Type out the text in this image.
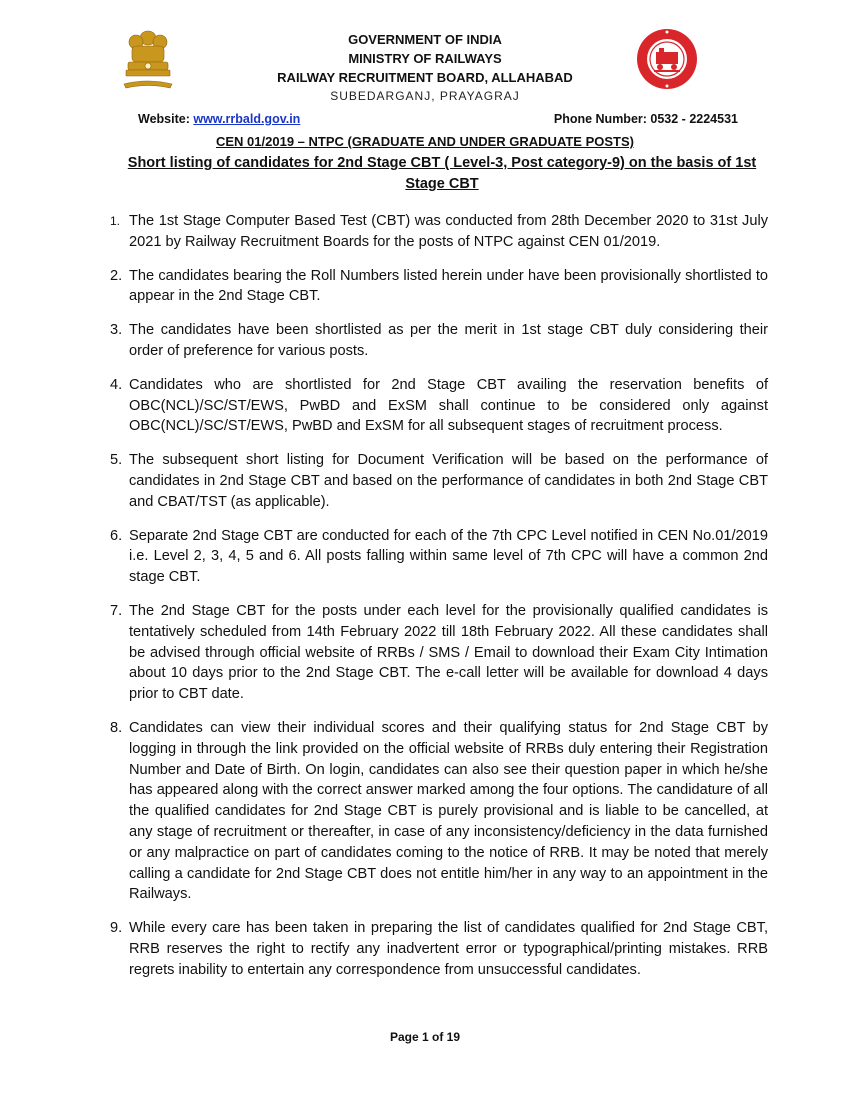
GOVERNMENT OF INDIA
MINISTRY OF RAILWAYS
RAILWAY RECRUITMENT BOARD, ALLAHABAD
SUBEDARGANJ, PRAYAGRAJ
Website: www.rrbald.gov.in	Phone Number: 0532 - 2224531
CEN 01/2019 – NTPC (GRADUATE AND UNDER GRADUATE POSTS)
Short listing of candidates for 2nd Stage CBT ( Level-3, Post category-9) on the basis of 1st Stage CBT
1. The 1st Stage Computer Based Test (CBT) was conducted from 28th December 2020 to 31st July 2021 by Railway Recruitment Boards for the posts of NTPC against CEN 01/2019.
2. The candidates bearing the Roll Numbers listed herein under have been provisionally shortlisted to appear in the 2nd Stage CBT.
3. The candidates have been shortlisted as per the merit in 1st stage CBT duly considering their order of preference for various posts.
4. Candidates who are shortlisted for 2nd Stage CBT availing the reservation benefits of OBC(NCL)/SC/ST/EWS, PwBD and ExSM shall continue to be considered only against OBC(NCL)/SC/ST/EWS, PwBD and ExSM for all subsequent stages of recruitment process.
5. The subsequent short listing for Document Verification will be based on the performance of candidates in 2nd Stage CBT and based on the performance of candidates in both 2nd Stage CBT and CBAT/TST (as applicable).
6. Separate 2nd Stage CBT are conducted for each of the 7th CPC Level notified in CEN No.01/2019 i.e. Level 2, 3, 4, 5 and 6. All posts falling within same level of 7th CPC will have a common 2nd stage CBT.
7. The 2nd Stage CBT for the posts under each level for the provisionally qualified candidates is tentatively scheduled from 14th February 2022 till 18th February 2022. All these candidates shall be advised through official website of RRBs / SMS / Email to download their Exam City Intimation about 10 days prior to the 2nd Stage CBT. The e-call letter will be available for download 4 days prior to CBT date.
8. Candidates can view their individual scores and their qualifying status for 2nd Stage CBT by logging in through the link provided on the official website of RRBs duly entering their Registration Number and Date of Birth. On login, candidates can also see their question paper in which he/she has appeared along with the correct answer marked among the four options. The candidature of all the qualified candidates for 2nd Stage CBT is purely provisional and is liable to be cancelled, at any stage of recruitment or thereafter, in case of any inconsistency/deficiency in the data furnished or any malpractice on part of candidates coming to the notice of RRB. It may be noted that merely calling a candidate for 2nd Stage CBT does not entitle him/her in any way to an appointment in the Railways.
9. While every care has been taken in preparing the list of candidates qualified for 2nd Stage CBT, RRB reserves the right to rectify any inadvertent error or typographical/printing mistakes. RRB regrets inability to entertain any correspondence from unsuccessful candidates.
Page 1 of 19
